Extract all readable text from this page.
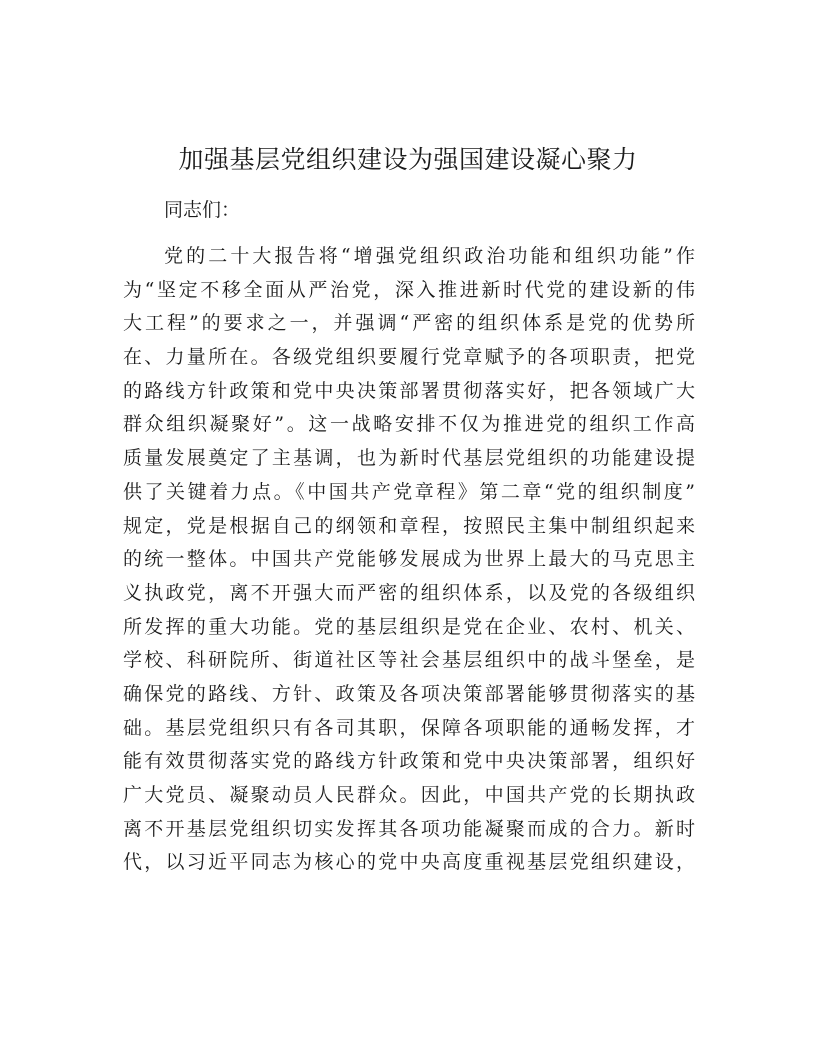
加强基层党组织建设为强国建设凝心聚力
同志们：
党的二十大报告将“增强党组织政治功能和组织功能”作
为“坚定不移全面从严治党，深入推进新时代党的建设新的伟
大工程”的要求之一，并强调“严密的组织体系是党的优势所
在、力量所在。各级党组织要履行党章赋予的各项职责，把党
的路线方针政策和党中央决策部署贯彻落实好，把各领域广大
群众组织凝聚好”。这一战略安排不仅为推进党的组织工作高
质量发展奠定了主基调，也为新时代基层党组织的功能建设提
供了关键着力点。《中国共产党章程》第二章“党的组织制度”
规定，党是根据自己的纲领和章程，按照民主集中制组织起来
的统一整体。中国共产党能够发展成为世界上最大的马克思主
义执政党，离不开强大而严密的组织体系，以及党的各级组织
所发挥的重大功能。党的基层组织是党在企业、农村、机关、
学校、科研院所、街道社区等社会基层组织中的战斗堡垒，是
确保党的路线、方针、政策及各项决策部署能够贯彻落实的基
础。基层党组织只有各司其职，保障各项职能的通畅发挥，才
能有效贯彻落实党的路线方针政策和党中央决策部署，组织好
广大党员、凝聚动员人民群众。因此，中国共产党的长期执政
离不开基层党组织切实发挥其各项功能凝聚而成的合力。新时
代，以习近平同志为核心的党中央高度重视基层党组织建设，
